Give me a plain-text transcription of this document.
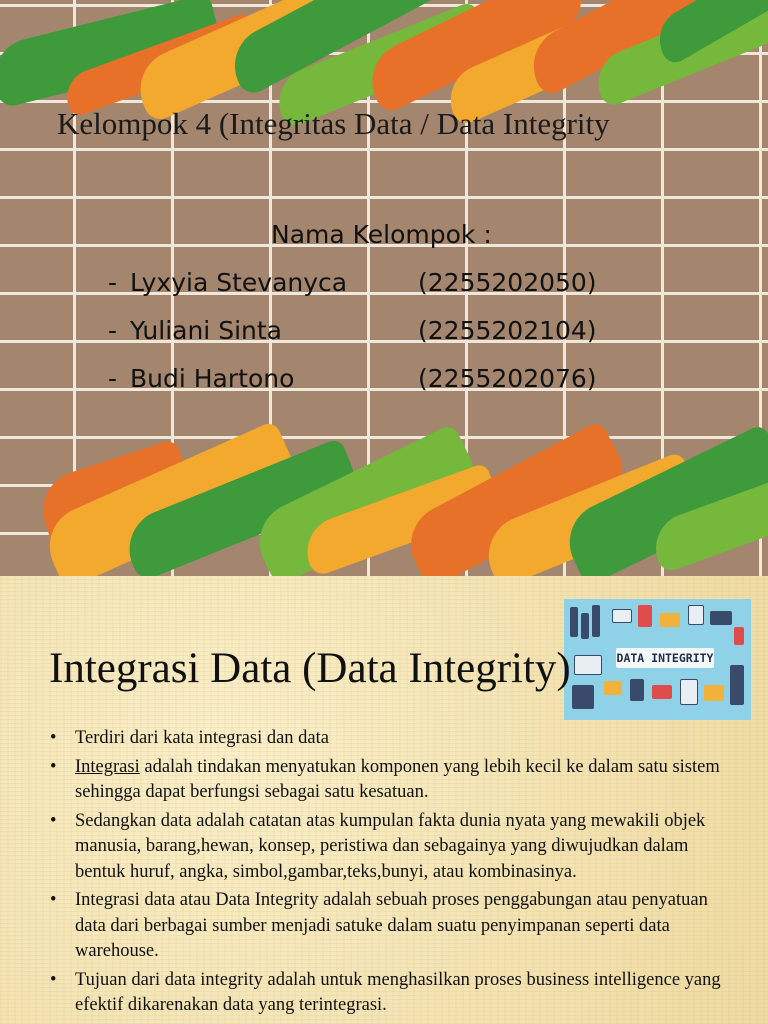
Kelompok 4 (Integritas Data / Data Integrity
Nama Kelompok :
- Lyxyia Stevanyca	(2255202050)
- Yuliani Sinta	(2255202104)
- Budi Hartono	(2255202076)
DATA INTEGRITY
Integrasi Data (Data Integrity)
• Terdiri dari kata integrasi dan data
• Integrasi adalah tindakan menyatukan komponen yang lebih kecil ke dalam satu sistem sehingga dapat berfungsi sebagai satu kesatuan.
• Sedangkan data adalah catatan atas kumpulan fakta dunia nyata yang mewakili objek manusia, barang,hewan, konsep, peristiwa dan sebagainya yang diwujudkan dalam bentuk huruf, angka, simbol,gambar,teks,bunyi, atau kombinasinya.
• Integrasi data atau Data Integrity adalah sebuah proses penggabungan atau penyatuan data dari berbagai sumber menjadi satuke dalam suatu penyimpanan seperti data warehouse.
• Tujuan dari data integrity adalah untuk menghasilkan proses business intelligence yang efektif dikarenakan data yang terintegrasi.
